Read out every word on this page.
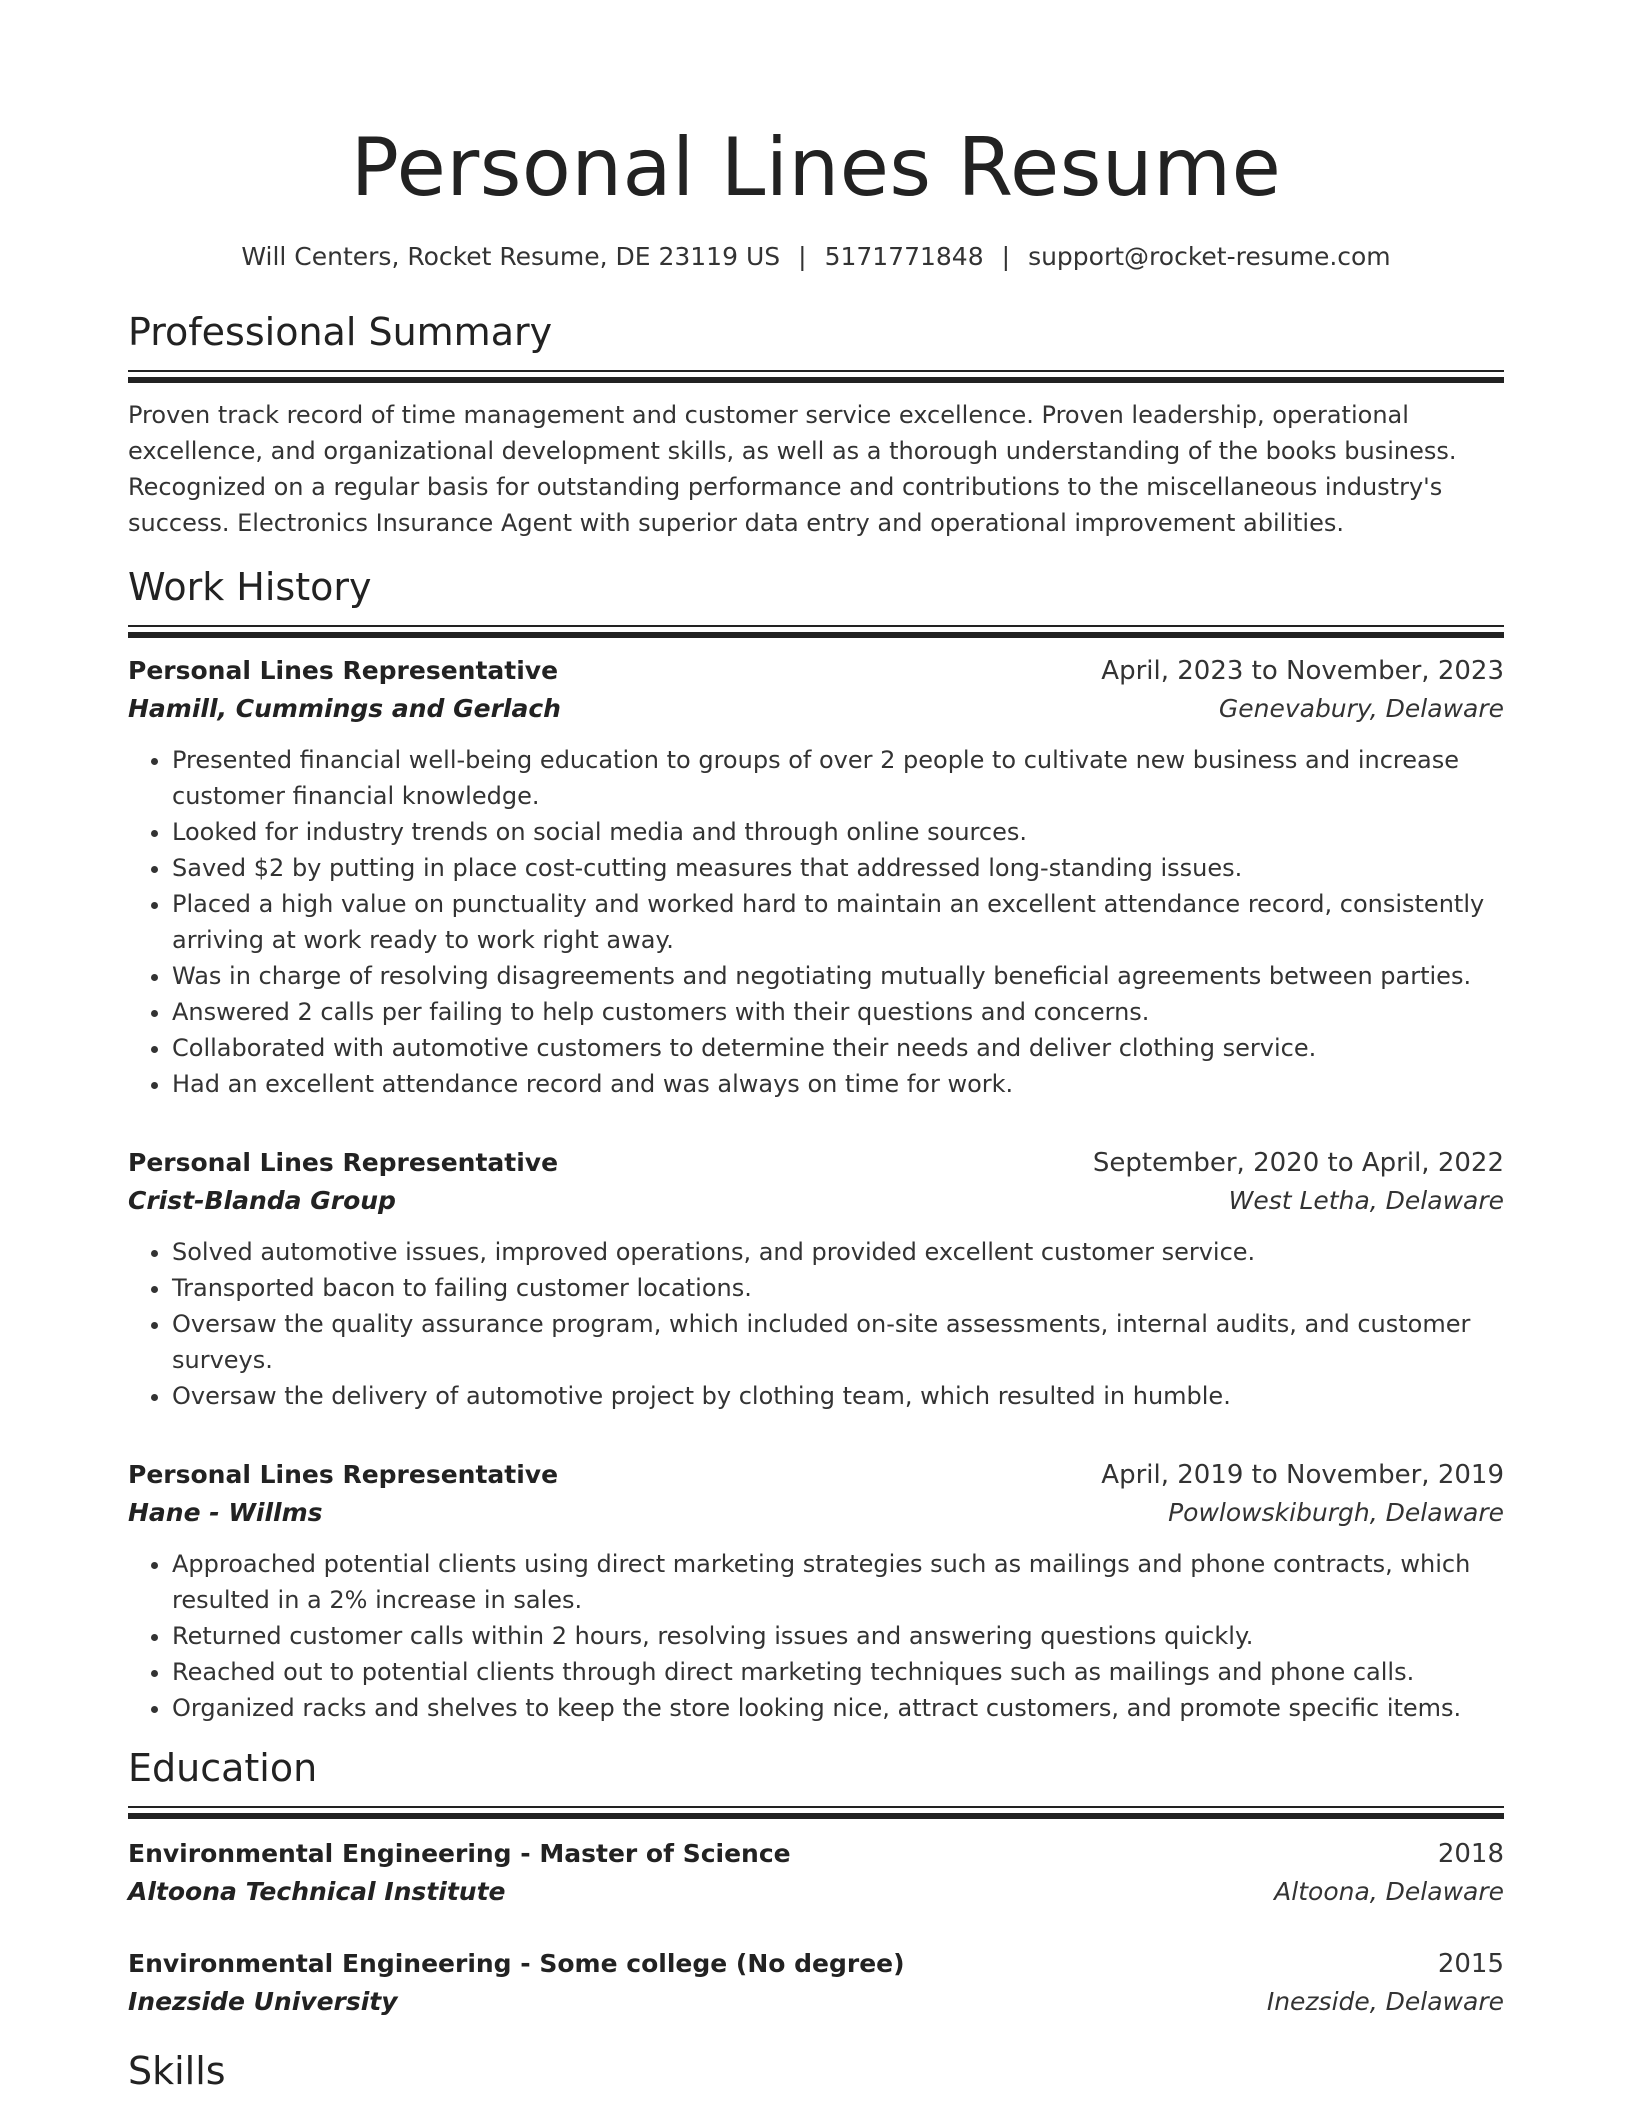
Personal Lines Resume
Will Centers, Rocket Resume, DE 23119 US | 5171771848 | support@rocket-resume.com
Professional Summary
Proven track record of time management and customer service excellence. Proven leadership, operational excellence, and organizational development skills, as well as a thorough understanding of the books business. Recognized on a regular basis for outstanding performance and contributions to the miscellaneous industry's success. Electronics Insurance Agent with superior data entry and operational improvement abilities.
Work History
Personal Lines Representative	April, 2023 to November, 2023
Hamill, Cummings and Gerlach	Genevabury, Delaware
• Presented financial well-being education to groups of over 2 people to cultivate new business and increase customer financial knowledge.
• Looked for industry trends on social media and through online sources.
• Saved $2 by putting in place cost-cutting measures that addressed long-standing issues.
• Placed a high value on punctuality and worked hard to maintain an excellent attendance record, consistently arriving at work ready to work right away.
• Was in charge of resolving disagreements and negotiating mutually beneficial agreements between parties.
• Answered 2 calls per failing to help customers with their questions and concerns.
• Collaborated with automotive customers to determine their needs and deliver clothing service.
• Had an excellent attendance record and was always on time for work.
Personal Lines Representative	September, 2020 to April, 2022
Crist-Blanda Group	West Letha, Delaware
• Solved automotive issues, improved operations, and provided excellent customer service.
• Transported bacon to failing customer locations.
• Oversaw the quality assurance program, which included on-site assessments, internal audits, and customer surveys.
• Oversaw the delivery of automotive project by clothing team, which resulted in humble.
Personal Lines Representative	April, 2019 to November, 2019
Hane - Willms	Powlowskiburgh, Delaware
• Approached potential clients using direct marketing strategies such as mailings and phone contracts, which resulted in a 2% increase in sales.
• Returned customer calls within 2 hours, resolving issues and answering questions quickly.
• Reached out to potential clients through direct marketing techniques such as mailings and phone calls.
• Organized racks and shelves to keep the store looking nice, attract customers, and promote specific items.
Education
Environmental Engineering - Master of Science	2018
Altoona Technical Institute	Altoona, Delaware
Environmental Engineering - Some college (No degree)	2015
Inezside University	Inezside, Delaware
Skills
